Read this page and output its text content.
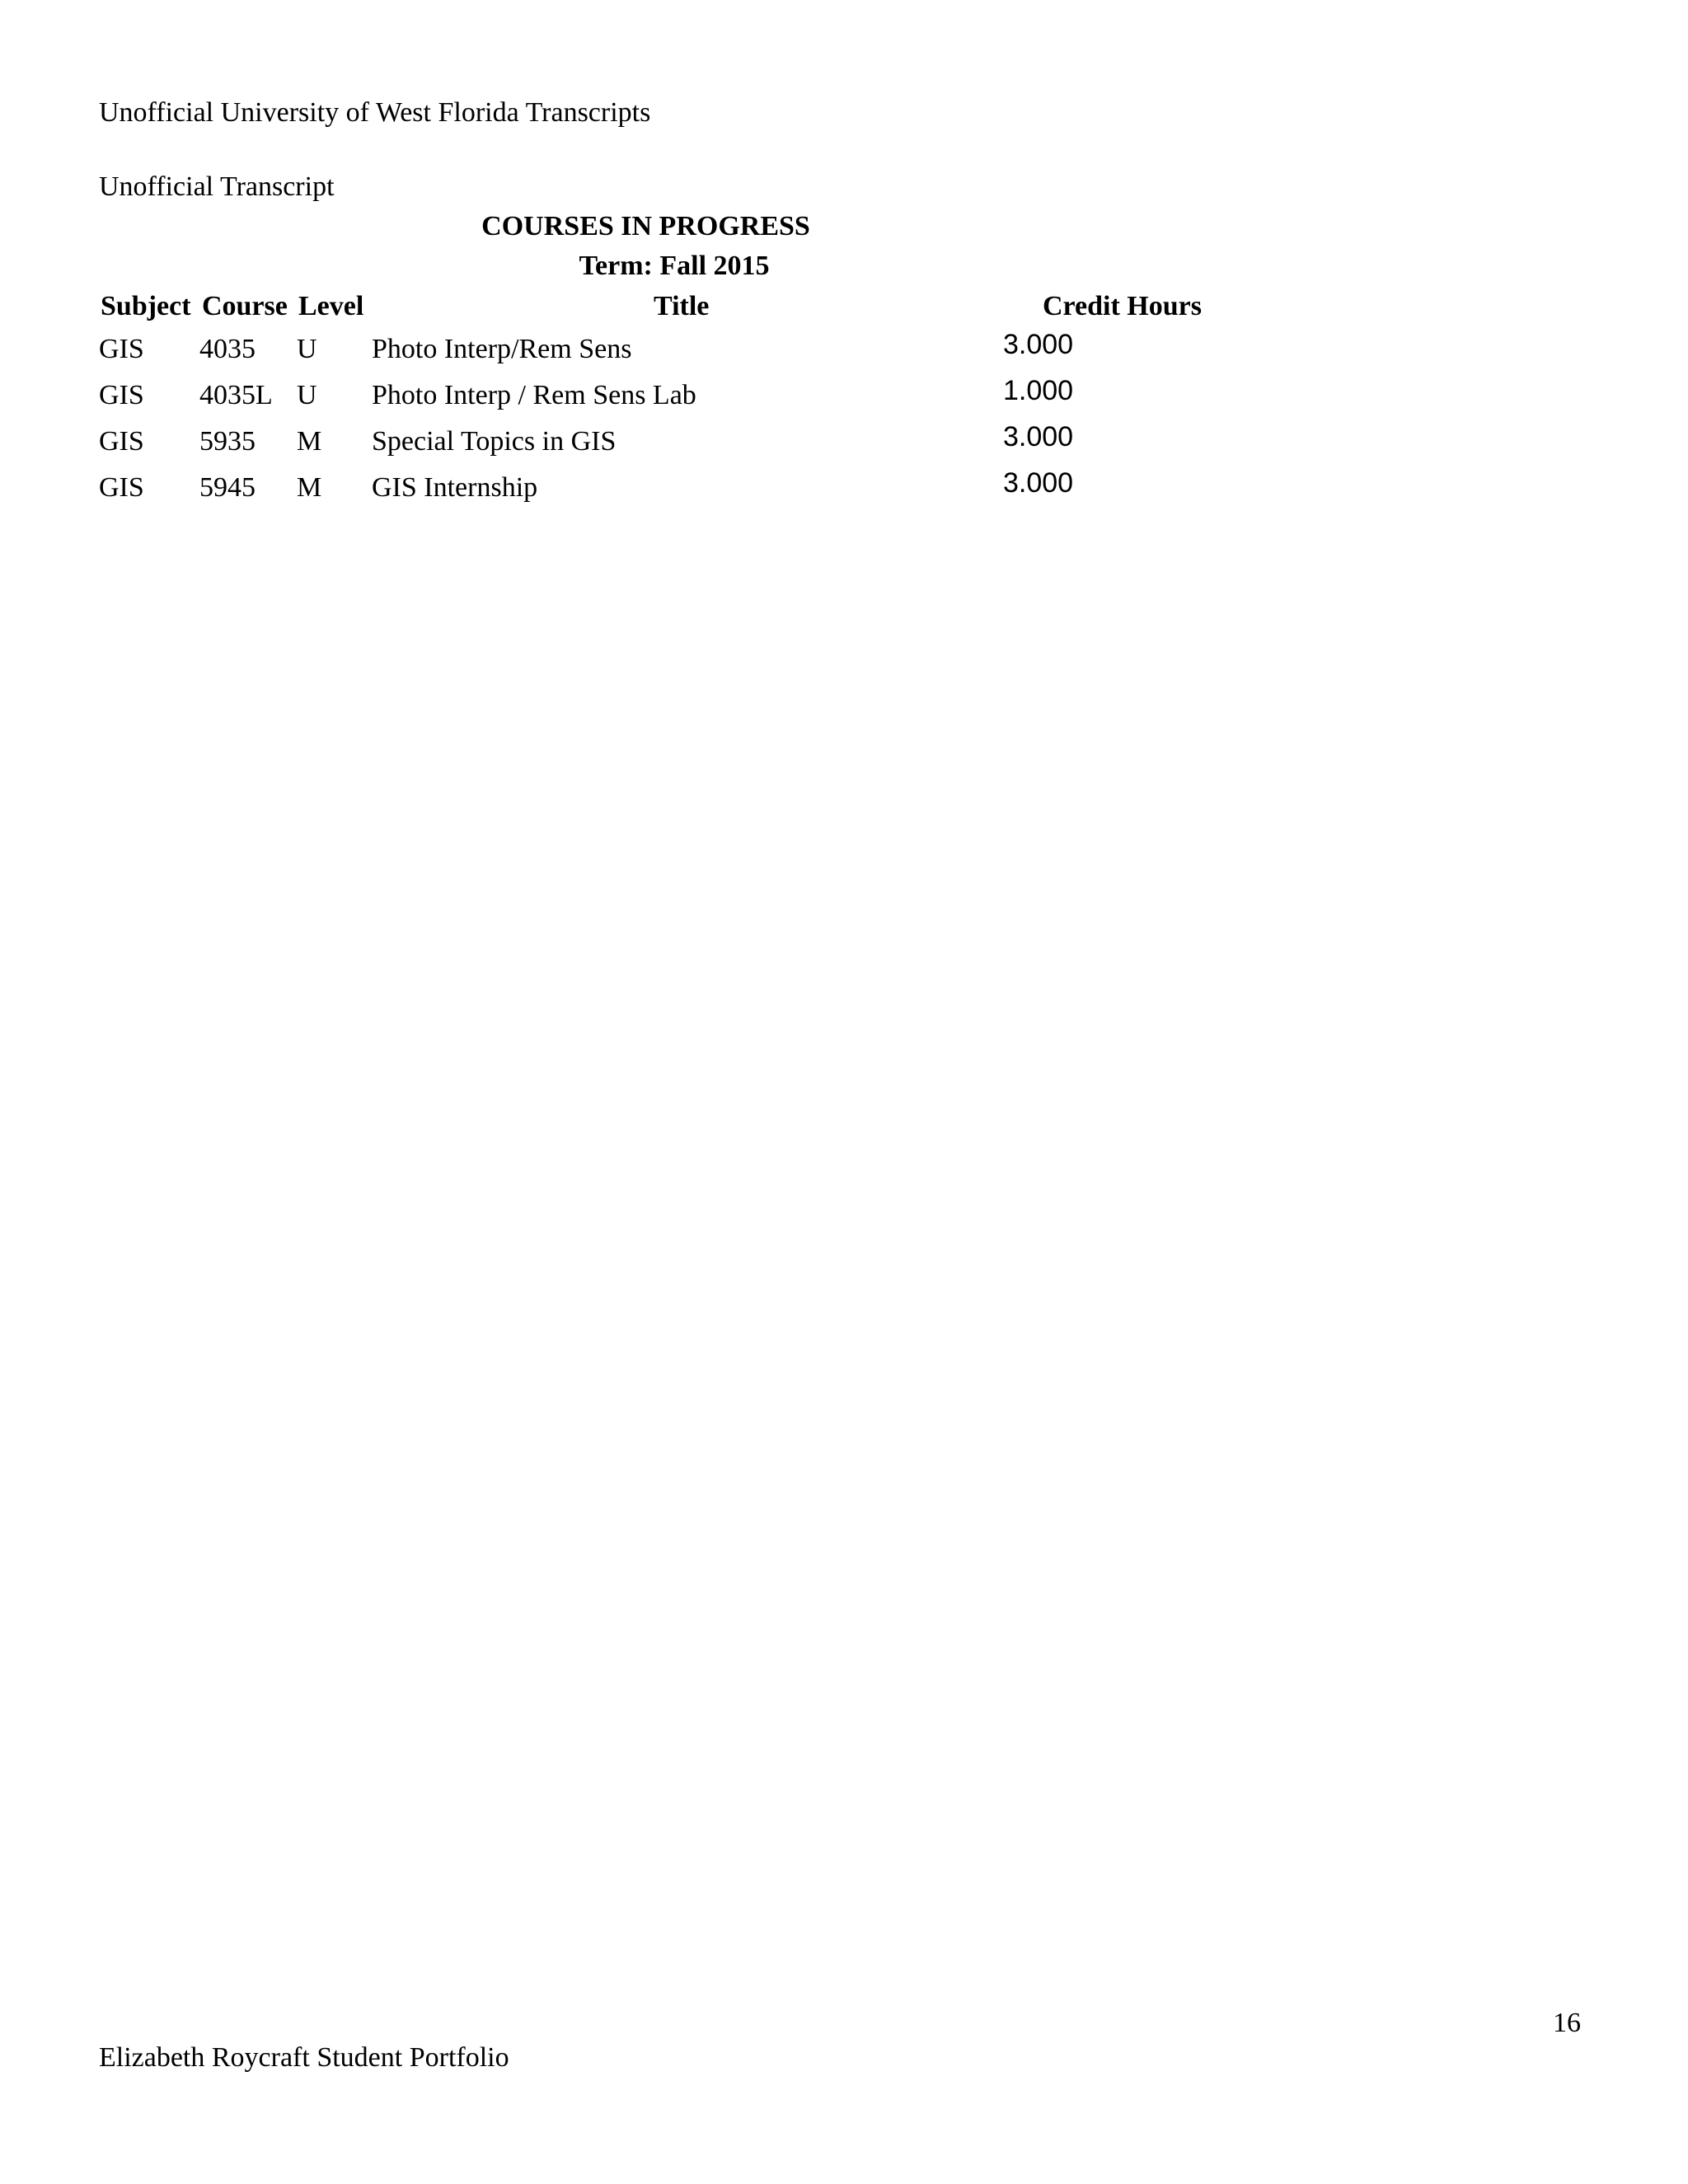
Unofficial University of West Florida Transcripts
Unofficial Transcript
COURSES IN PROGRESS
Term: Fall 2015
Subject Course Level	Title	Credit Hours
GIS 4035 U Photo Interp/Rem Sens	3.000
GIS 4035L U Photo Interp / Rem Sens Lab	1.000
GIS 5935 M Special Topics in GIS	3.000
GIS 5945 M GIS Internship	3.000
16
Elizabeth Roycraft Student Portfolio
